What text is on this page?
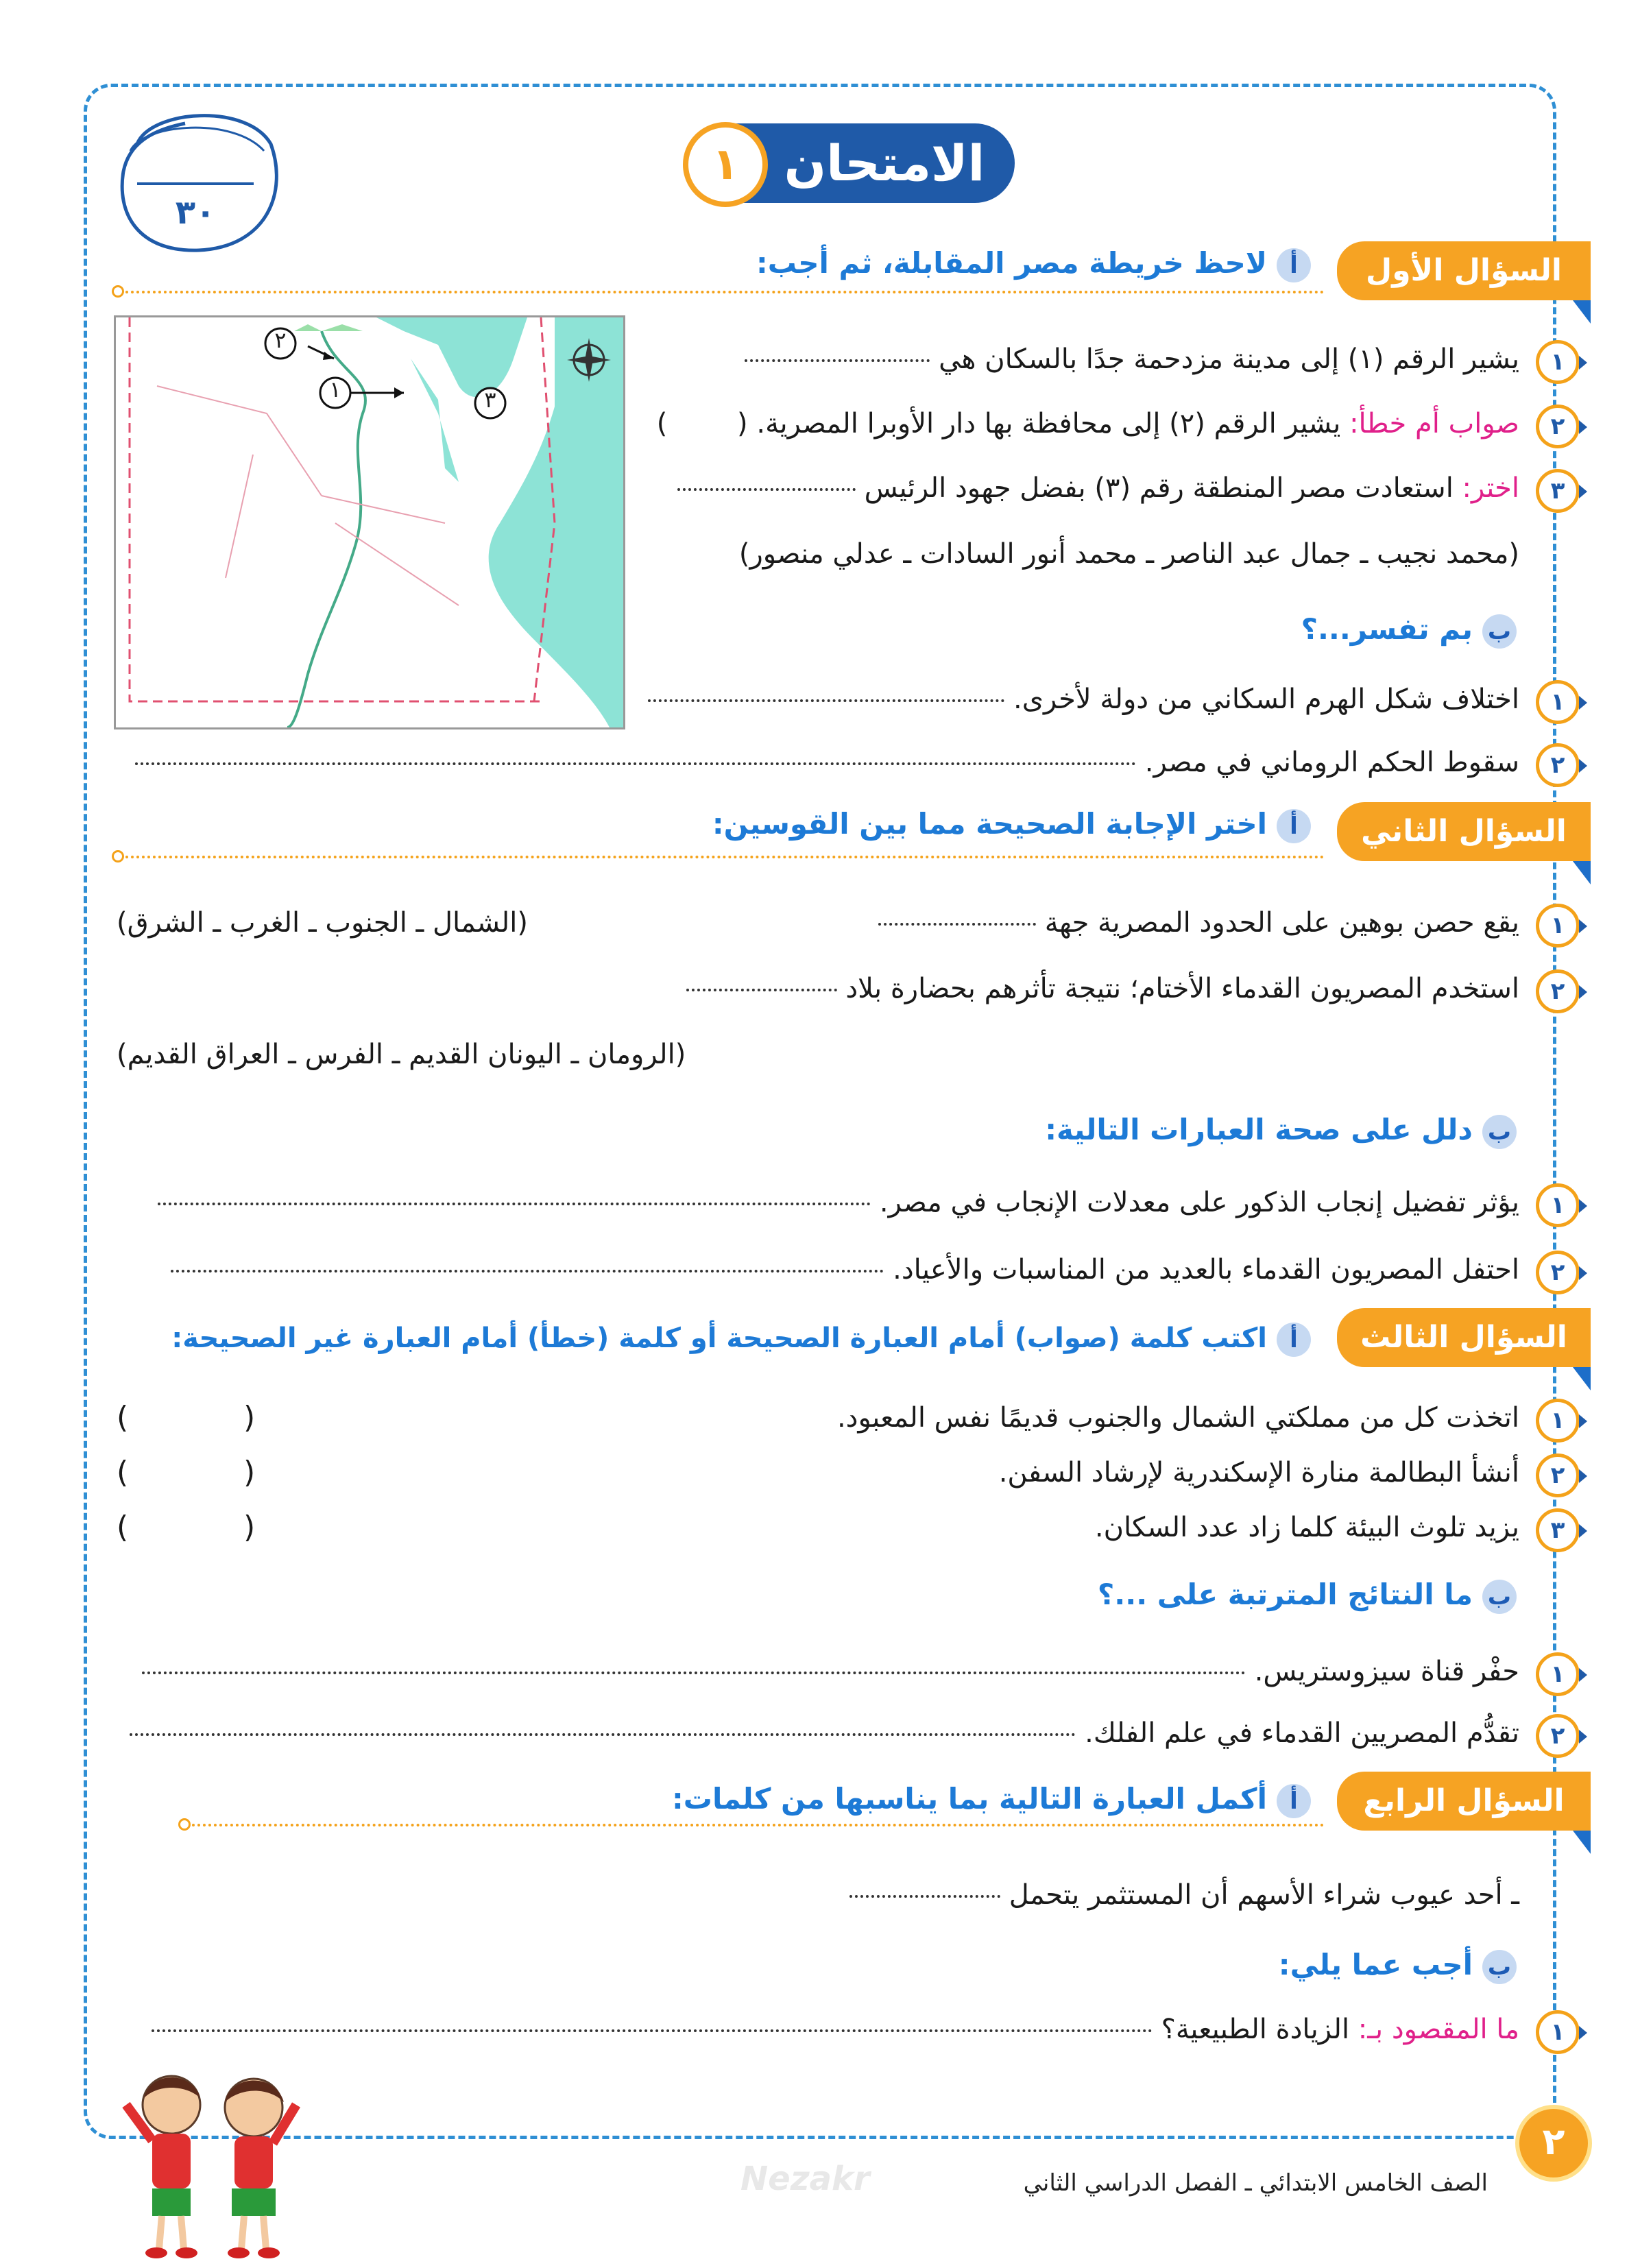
٣٠
الامتحان
١
السؤال الأول
ألاحظ خريطة مصر المقابلة، ثم أجب:
٢
١	٣
١
يشير الرقم (١) إلى مدينة مزدحمة جدًا بالسكان هي
٢
صواب أم خطأ: يشير الرقم (٢) إلى محافظة بها دار الأوبرا المصرية. (        )
٣
اختر: استعادت مصر المنطقة رقم (٣) بفضل جهود الرئيس
(محمد نجيب ـ جمال عبد الناصر ـ محمد أنور السادات ـ عدلي منصور)
ببم تفسر...؟
١
اختلاف شكل الهرم السكاني من دولة لأخرى.
٢
سقوط الحكم الروماني في مصر.
السؤال الثاني
أاختر الإجابة الصحيحة مما بين القوسين:
١
يقع حصن بوهين على الحدود المصرية جهة
(الشمال ـ الجنوب ـ الغرب ـ الشرق)
٢
استخدم المصريون القدماء الأختام؛ نتيجة تأثرهم بحضارة بلاد
(الرومان ـ اليونان القديم ـ الفرس ـ العراق القديم)
بدلل على صحة العبارات التالية:
١
يؤثر تفضيل إنجاب الذكور على معدلات الإنجاب في مصر.
٢
احتفل المصريون القدماء بالعديد من المناسبات والأعياد.
السؤال الثالث
أاكتب كلمة (صواب) أمام العبارة الصحيحة أو كلمة (خطأ) أمام العبارة غير الصحيحة:
١
اتخذت كل من مملكتي الشمال والجنوب قديمًا نفس المعبود.
(            )
٢
أنشأ البطالمة منارة الإسكندرية لإرشاد السفن.
(            )
٣
يزيد تلوث البيئة كلما زاد عدد السكان.
(            )
بما النتائج المترتبة على ...؟
١
حفْر قناة سيزوستريس.
٢
تقدُّم المصريين القدماء في علم الفلك.
السؤال الرابع
أأكمل العبارة التالية بما يناسبها من كلمات:
ـ أحد عيوب شراء الأسهم أن المستثمر يتحمل
بأجب عما يلي:
١
ما المقصود بـ: الزيادة الطبيعية؟
Nezakr
٢
الصف الخامس الابتدائي ـ الفصل الدراسي الثاني
